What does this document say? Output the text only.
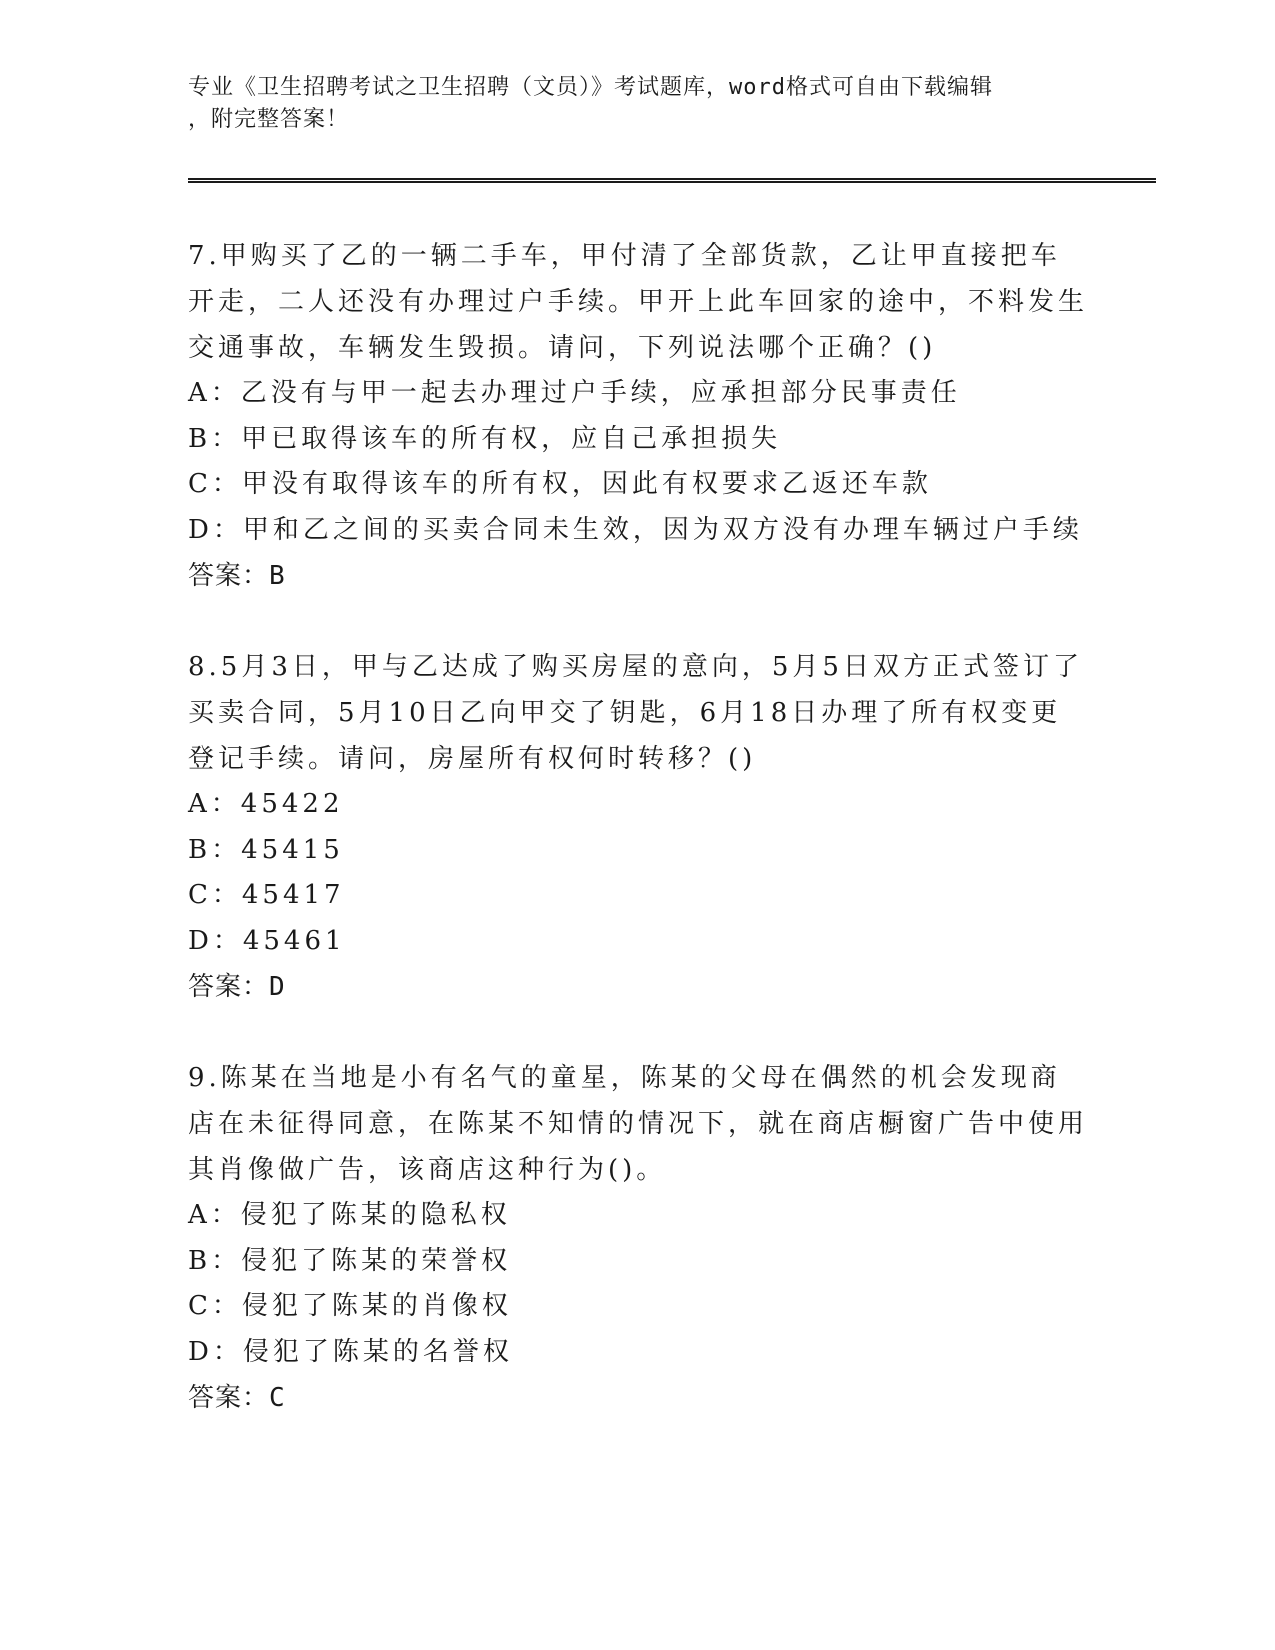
专业《卫生招聘考试之卫生招聘（文员）》考试题库，word格式可自由下载编辑
，附完整答案！

7.甲购买了乙的一辆二手车，甲付清了全部货款，乙让甲直接把车开走，二人还没有办理过户手续。甲开上此车回家的途中，不料发生交通事故，车辆发生毁损。请问，下列说法哪个正确？()

A：乙没有与甲一起去办理过户手续，应承担部分民事责任

B：甲已取得该车的所有权，应自己承担损失

C：甲没有取得该车的所有权，因此有权要求乙返还车款

D：甲和乙之间的买卖合同未生效，因为双方没有办理车辆过户手续

答案：B

8.5月3日，甲与乙达成了购买房屋的意向，5月5日双方正式签订了买卖合同，5月10日乙向甲交了钥匙，6月18日办理了所有权变更登记手续。请问，房屋所有权何时转移？()

A：45422

B：45415

C：45417

D：45461

答案：D

9.陈某在当地是小有名气的童星，陈某的父母在偶然的机会发现商店在未征得同意，在陈某不知情的情况下，就在商店橱窗广告中使用其肖像做广告，该商店这种行为()。

A：侵犯了陈某的隐私权

B：侵犯了陈某的荣誉权

C：侵犯了陈某的肖像权

D：侵犯了陈某的名誉权

答案：C
